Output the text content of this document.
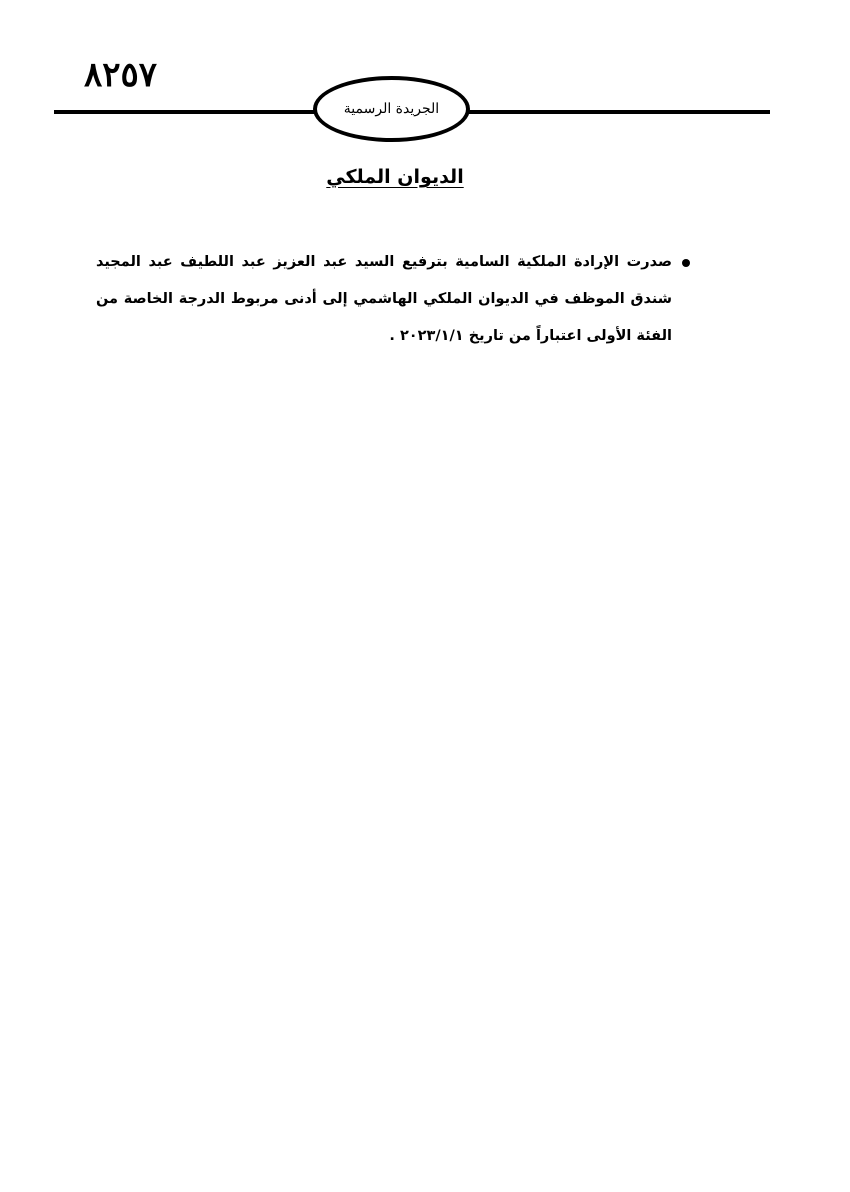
٨٢٥٧
الجريدة الرسمية
الديوان الملكي

صدرت الإرادة الملكية السامية بترفيع السيد عبد العزيز عبد اللطيف عبد المجيد شندق الموظف في الديوان الملكي الهاشمي إلى أدنى مربوط الدرجة الخاصة من الفئة الأولى اعتباراً من تاريخ ٢٠٢٣/١/١ .
